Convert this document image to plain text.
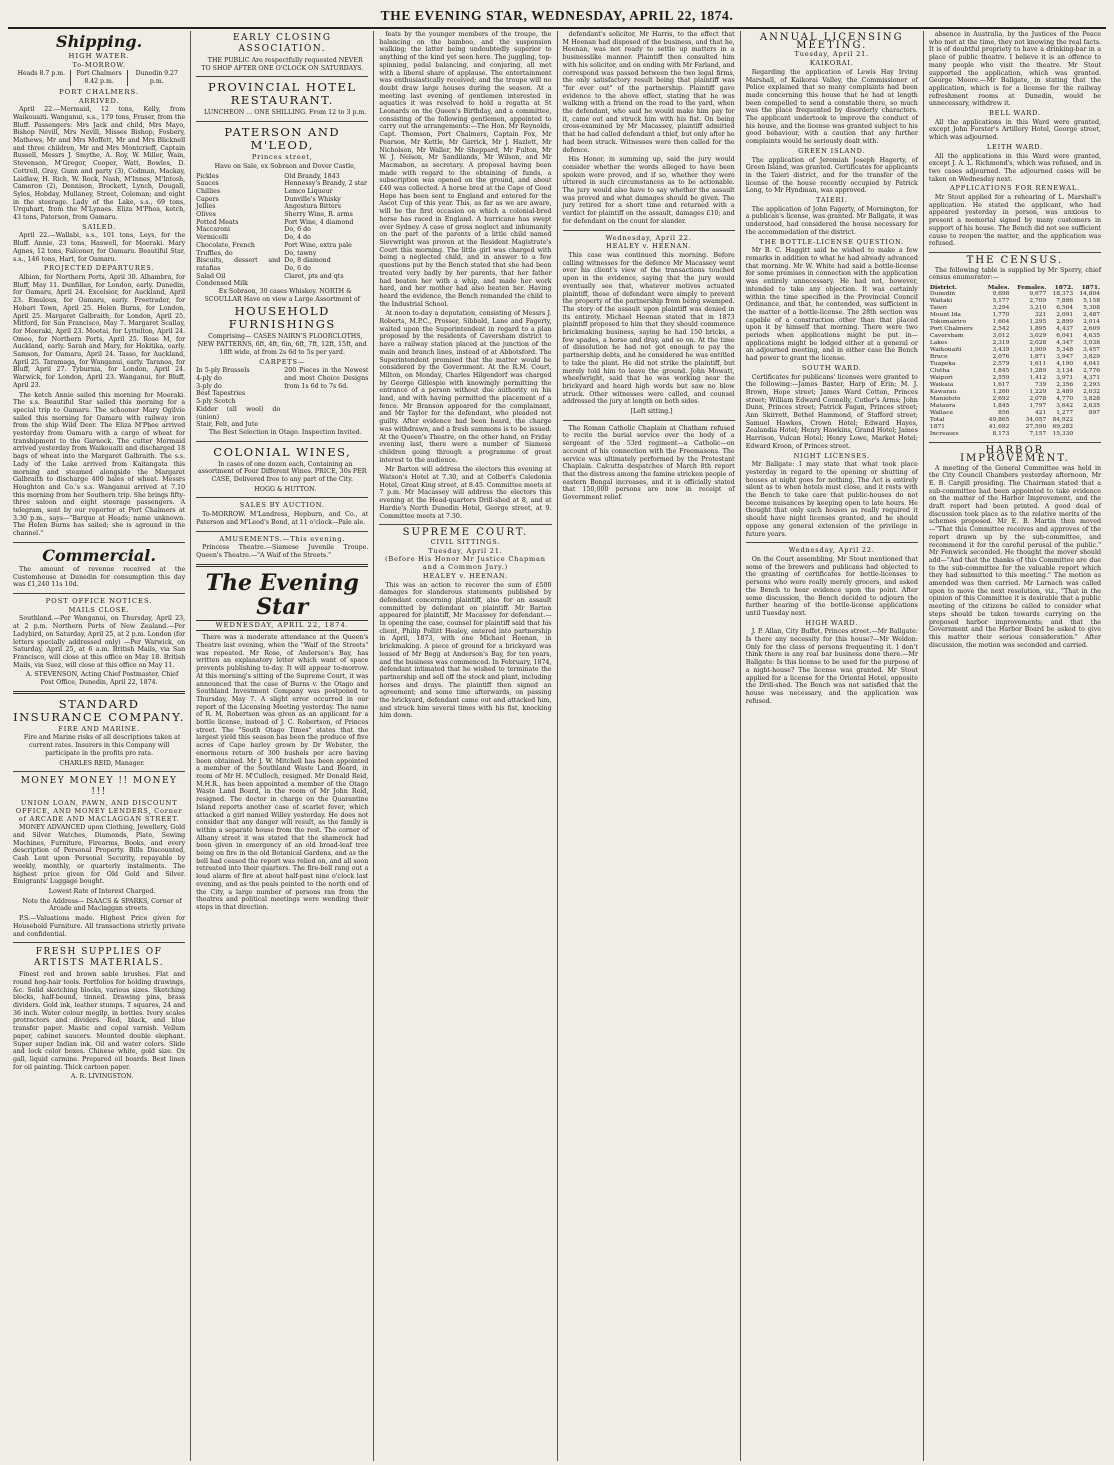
THE EVENING STAR, WEDNESDAY, APRIL 22, 1874.
Shipping.
HIGH WATER.
To-MORROW.
Heads 8.7 p.m.	Port Chalmers 8.42 p.m.
Dunedin 9.27 p.m.
PORT CHALMERS.
ARRIVED.

April 22.—Mermaid, 12 tons, Kelly, from Waikouaiti. Wanganui, s.s., 179 tons, Fraser, from the Bluff. Passengers: Mrs Jack and child, Mrs Mayo, Bishop Nevill, Mrs Nevill, Misses Bishop, Fosbery, Mathews, Mr and Mrs Moffett, Mr and Mrs Blicknell and three children, Mr and Mrs Montcrieff, Captain Russell, Messrs J. Smythe, A. Roy, W. Miller, Wain, Stevenson, M'Gregor, Cooper, Watt, Bowles, D. Cottrell, Gray, Gunn and party (3), Codman, Mackay, Laidlaw, H. Rich, W. Rock, Nash, M'Innes, M'Intosh, Cameron (2), Dennison, Brockett, Lynch, Dougall, Syles, Hobday, Mullaney, Street, Coleman; and eight in the steerage. Lady of the Lake, s.s., 69 tons, Urquhart, from the M'Lynaes. Eliza M'Phea, ketch, 43 tons, Paterson, from Oamaru.

SAILED.

April 22.—Wallabi, s.s., 101 tons, Leys, for the Bluff. Annie, 23 tons, Haswell, for Moeraki. Mary Agnes, 12 tons, Falconer, for Oamaru. Beautiful Star, s.s., 146 tons, Hart, for Oamaru.

PROJECTED DEPARTURES.

Albion, for Northern Ports, April 30. Alhambra, for Bluff, May 11. Dunfillan, for London, early. Dunedin, for Oamaru, April 24. Excelsior, for Auckland, April 23. Emulous, for Oamaru, early. Freetrader, for Hobart Town, April 25. Helen Burns, for London, April 25. Margaret Galbraith, for London, April 25. Mitford, for San Francisco, May 7. Margaret Scallay, for Moeraki, April 23. Moetai, for Lyttelton, April 24. Omeo, for Northern Ports, April 25. Rose M, for Auckland, early. Sarah and Mary, for Hokitika, early. Samson, for Oamaru, April 24. Tasso, for Auckland, April 25. Taramaga, for Wanganui, early. Taranoa, for Bluff, April 27. Tyburnia, for London, April 24. Warwick, for London, April 23. Wanganui, for Bluff, April 23.

The ketch Annie sailed this morning for Moeraki. The s.s. Beautiful Star sailed this morning for a special trip to Oamaru. The schooner Mary Ogilvie sailed this morning for Oamaru with railway iron from the ship Wild Deer. The Eliza M'Phee arrived yesterday from Oamaru with a cargo of wheat for transhipment to the Garnock. The cutter Mermaid arrived yesterday from Waikouaiti and discharged 18 bags of wheat into the Margaret Galbraith. The s.s. Lady of the Lake arrived from Kaitangata this morning and steamed alongside the Margaret Galbraith to discharge 400 bales of wheat. Messrs Houghton and Co.'s s.s. Wanganui arrived at 7.10 this morning from her Southern trip. She brings fifty-three saloon and eight steerage passengers. A telegram, sent by our reporter at Port Chalmers at 3.30 p.m., says—"Barque at Heads; name unknown. The Helen Burns has sailed; she is aground in the channel."

Commercial.

The amount of revenue received at the Customhouse at Dunedin for consumption this day was £1,240 11s 10d.

POST OFFICE NOTICES.
MAILS CLOSE.

Southland.—Per Wanganui, on Thursday, April 23, at 2 p.m. Northern Ports of New Zealand.—Per Ladybird, on Saturday, April 25, at 2 p.m. London (for letters specially addressed only) —Per Warwick, on Saturday, April 25, at 6 a.m. British Mails, via San Francisco, will close at this office on May 18. British Mails, via Suez, will close at this office on May 11.

A. STEVENSON, Acting Chief Postmaster, Chief Post Office, Dunedin, April 22, 1874.

STANDARD INSURANCE COMPANY.
FIRE AND MARINE.

Fire and Marine risks of all descriptions taken at current rates. Insurers in this Company will participate in the profits pro rata.

CHARLES REID, Manager.

MONEY MONEY !! MONEY !!!
UNION LOAN, PAWN, AND DISCOUNT OFFICE, AND MONEY LENDERS, Corner of ARCADE AND MACLAGGAN STREET.

MONEY ADVANCED upon Clothing, Jewellery, Gold and Silver Watches, Diamonds, Plate, Sewing Machines, Furniture, Firearms, Books, and every description of Personal Property. Bills Discounted, Cash Lent upon Personal Security, repayable by weekly, monthly, or quarterly instalments. The highest price given for Old Gold and Silver. Emigrants' Luggage bought.

Lowest Rate of Interest Charged.

Note the Address— ISAACS & SPARKS, Corner of Arcade and Maclaggan streets.

P.S.—Valuations made. Highest Price given for Household Furniture. All transactions strictly private and confidential.

FRESH SUPPLIES OF ARTISTS MATERIALS.

Finest red and brown sable brushes. Flat and round hog-hair tools. Portfolios for holding drawings, &c. Solid sketching blocks, various sizes. Sketching blocks, half-bound, tinned. Drawing pins, brass dividers. Gold ink, leather stumps. T squares, 24 and 36 inch. Water colour megilp, in bottles. Ivory scales protractors and dividers. Red, black, and blue transfer paper. Mastic and copal varnish. Vellum paper, cabinet saucers. Mounted double elephant. Super super Indian ink. Oil and water colors. Slide and lock color boxes. Chinese white, gold size. Ox gall, liquid carmine. Prepared oil boards. Best linen for oil painting. Thick cartoon paper.

A. R. LIVINGSTON.

EARLY CLOSING ASSOCIATION.

THE PUBLIC Are respectfully requested NEVER TO SHOP AFTER ONE O'CLOCK ON SATURDAYS.

PROVINCIAL HOTEL RESTAURANT.

LUNCHEON ... ONE SHILLING. From 12 to 3 p.m.

PATERSON AND M'LEOD,
Princes street,

Have on Sale, ex Sobraon and Dover Castle,

Pickles
Sauces
Chillies
Capers
Jellies
Olives
Potted Meats
Maccaroni
Vermicelli
Chocolate, French
Truffles, do
Biscuits, dessert and ratafias
Salad Oil
Condensed Milk
Old Brandy, 1843
Hennessy's Brandy, 2 star
Lemco Liqueur
Dunville's Whisky
Angostura Bitters
Sherry Wine, R. arms
Port Wine, 4 diamond
Do, 6 do
Do, 4 do
Port Wine, extra pale
Do, tawny
Do, 8 diamond
Do, 6 do
Claret, pts and qts

Ex Sobraon, 30 cases Whiskey. NORTH & SCOULLAR Have on view a Large Assortment of

HOUSEHOLD FURNISHINGS

Comprising— CASES NAIRN'S FLOORCLOTHS, NEW PATTERNS, 6ft, 4ft, 6in, 6ft, 7ft, 12ft, 15ft, and 18ft wide, at from 2s 6d to 5s per yard.

CARPETS—
In 5-ply Brussels
4-ply do
3-ply do
Best Tapestries
5-ply Scotch
Kidder (all wool) do (union)
Stair, Felt, and Jute
200 Pieces in the Newest and most Choice Designs from 1s 6d to 7s 6d.

The Best Selection in Otago. Inspection Invited.

COLONIAL WINES,

In cases of one dozen each, Containing an assortment of Four Different Wines. PRICE, 30s PER CASE, Delivered free to any part of the City.

HOGG & HUTTON.

SALES BY AUCTION.

To-MORROW. M'Landress, Hepburn, and Co., at Paterson and M'Leod's Bond, at 11 o'clock—Pale ale.

AMUSEMENTS.—This evening.

Princess Theatre.—Siamese Juvenile Troupe. Queen's Theatre.—"A Waif of the Streets."

The Evening Star
WEDNESDAY, APRIL 22, 1874.

There was a moderate attendance at the Queen's Theatre last evening, when the "Waif of the Streets" was repeated. Mr Rose, of Anderson's Bay, has written an explanatory letter which want of space prevents publishing to-day. It will appear to-morrow. At this morning's sitting of the Supreme Court, it was announced that the case of Burns v. the Otago and Southland Investment Company was postponed to Thursday, May 7. A slight error occurred in our report of the Licensing Meeting yesterday. The name of R. M. Robertson was given as an applicant for a bottle license, instead of J. C. Robertson, of Princes street. The "South Otago Times" states that the largest yield this season has been the produce of five acres of Cape barley grown by Dr Webster, the enormous return of 300 bushels per acre having been obtained. Mr J. W. Mitchell has been appointed a member of the Southland Waste Land Board, in room of Mr H. M'Culloch, resigned. Mr Donald Reid, M.H.R., has been appointed a member of the Otago Waste Land Board, in the room of Mr John Reid, resigned. The doctor in charge on the Quarantine Island reports another case of scarlet fever, which attacked a girl named Willey yesterday. He does not consider that any danger will result, as the family is within a separate house from the rest. The corner of Albany street it was stated that the shamrock had been given in emergency of an old broad-leaf tree being on fire in the old Botanical Gardens, and as the bell had ceased the report was relied on, and all soon retreated into their quarters. The fire-bell rang out a loud alarm of fire at about half-past nine o'clock last evening, and as the peals pointed to the north end of the City, a large number of persons ran from the theatres and political meetings were wending their steps in that direction.

feats by the younger members of the troupe, the balancing on the bamboo, and the suspension walking; the latter being undoubtedly superior to anything of the kind yet seen here. The juggling, top-spinning, pedal balancing, and conjuring, all met with a liberal share of applause. The entertainment was enthusiastically received; and the troupe will no doubt draw large houses during the season. At a meeting last evening of gentlemen interested in aquatics it was resolved to hold a regatta at St Leonards on the Queen's Birthday, and a committee, consisting of the following gentlemen, appointed to carry out the arrangements:—The Hon. Mr Reynolds, Capt. Thomson, Port Chalmers, Captain Fox, Mr Pearson, Mr Kettle, Mr Garrick, Mr J. Hazlett, Mr Nicholson, Mr Waller, Mr Sheppard, Mr Fulton, Mr W. J. Nelson, Mr Sandilands, Mr Wilson, and Mr Macmahon, as secretary. A proposal having been made with regard to the obtaining of funds, a subscription was opened on the ground, and about £40 was collected. A horse bred at the Cape of Good Hope has been sent to England and entered for the Ascot Cup of this year. This, as far as we are aware, will be the first occasion on which a colonial-bred horse has raced in England. A hurricane has swept over Sydney. A case of gross neglect and inhumanity on the part of the parents of a little child named Sievwright was proven at the Resident Magistrate's Court this morning. The little girl was charged with being a neglected child, and in answer to a few questions put by the Bench stated that she had been treated very badly by her parents, that her father had beaten her with a whip, and made her work hard, and her mother had also beaten her. Having heard the evidence, the Bench remanded the child to the Industrial School.

At noon to-day a deputation, consisting of Messrs J. Roberts, M.P.C., Prosser, Sibbald, Lane and Fagerty, waited upon the Superintendent in regard to a plan proposed by the residents of Caversham district to have a railway station placed at the junction of the main and branch lines, instead of at Abbotsford. The Superintendent promised that the matter would be considered by the Government. At the R.M. Court, Milton, on Monday, Charles Hilgendorf was charged by George Gillespie with knowingly permitting the entrance of a person without due authority on his land, and with having permitted the placement of a fence. Mr Branson appeared for the complainant, and Mr Taylor for the defendant, who pleaded not guilty. After evidence had been heard, the charge was withdrawn, and a fresh summons is to be issued. At the Queen's Theatre, on the other hand, on Friday evening last, there were a number of Siamese children going through a programme of great interest to the audience.

Mr Barton will address the electors this evening at Watson's Hotel at 7.30, and at Colbert's Caledonia Hotel, Great King street, at 8.45. Committee meets at 7 p.m. Mr Macassey will address the electors this evening at the Head-quarters Drill-shed at 8, and at Hardie's North Dunedin Hotel, George street, at 9. Committee meets at 7.30.

SUPREME COURT.
CIVIL SITTINGS.
Tuesday, April 21.
(Before His Honor Mr Justice Chapman and a Common Jury.)
HEALEY v. HEENAN.

This was an action to recover the sum of £500 damages for slanderous statements published by defendant concerning plaintiff, also for an assault committed by defendant on plaintiff. Mr Barton appeared for plaintiff, Mr Macassey for defendant.—In opening the case, counsel for plaintiff said that his client, Philip Pollitt Healey, entered into partnership in April, 1873, with one Michael Heenan, in brickmaking. A piece of ground for a brickyard was leased of Mr Begg at Anderson's Bay, for ten years, and the business was commenced. In February, 1874, defendant intimated that he wished to terminate the partnership and sell off the stock and plant, including horses and drays. The plaintiff then signed an agreement; and some time afterwards, on passing the brickyard, defendant came out and attacked him, and struck him several times with his fist, knocking him down.

defendant's solicitor, Mr Harris, to the effect that M Heenan had disposed of the business, and that he, Heenan, was not ready to settle up matters in a businesslike manner. Plaintiff then consulted him with his solicitor, and on ending with Mr Farland, and correspond was passed between the two legal firms, the only satisfactory result being that plaintiff was "for ever out" of the partnership. Plaintiff gave evidence to the above effect, stating that he was walking with a friend on the road to the yard, when the defendant, who said he would make him pay for it, came out and struck him with his fist. On being cross-examined by Mr Macassey, plaintiff admitted that he had called defendant a thief, but only after he had been struck. Witnesses were then called for the defence.

His Honor, in summing up, said the jury would consider whether the words alleged to have been spoken were proved, and if so, whether they were uttered in such circumstances as to be actionable. The jury would also have to say whether the assault was proved and what damages should be given. The jury retired for a short time and returned with a verdict for plaintiff on the assault, damages £10; and for defendant on the count for slander.

Wednesday, April 22.
HEALEY v. HEENAN.

This case was continued this morning. Before calling witnesses for the defence Mr Macassey went over his client's view of the transactions touched upon in the evidence, saying that the jury would eventually see that, whatever motives actuated plaintiff, these of defendant were simply to prevent the property of the partnership from being swamped. The story of the assault upon plaintiff was denied in its entirety. Michael Heenan stated that in 1873 plaintiff proposed to him that they should commence brickmaking business, saying he had 150 bricks, a few spades, a horse and dray, and so on. At the time of dissolution he had not got enough to pay the partnership debts, and he considered he was entitled to take the plant. He did not strike the plaintiff, but merely told him to leave the ground. John Mowatt, wheelwright, said that he was working near the brickyard and heard high words but saw no blow struck. Other witnesses were called, and counsel addressed the jury at length on both sides.

[Left sitting.]

The Roman Catholic Chaplain at Chatham refused to recite the burial service over the body of a sergeant of the 53rd regiment—a Catholic—on account of his connection with the Freemasons. The service was ultimately performed by the Protestant Chaplain. Calcutta despatches of March 8th report that the distress among the famine stricken people of eastern Bengal increases, and it is officially stated that 150,000 persons are now in receipt of Government relief.

ANNUAL LICENSING MEETING.
Tuesday, April 21.
KAIKORAI.

Regarding the application of Lewis Hay Irving Marshall, of Kaikorai Valley, the Commissioner of Police explained that so many complaints had been made concerning this house that he had at length been compelled to send a constable there, so much was the place frequented by disorderly characters. The applicant undertook to improve the conduct of his house, and the license was granted subject to his good behaviour, with a caution that any further complaints would be seriously dealt with.

GREEN ISLAND.

The application of Jeremiah Joseph Hagerty, of Green Island, was granted. Certificates for applicants in the Taieri district, and for the transfer of the license of the house recently occupied by Patrick Long, to Mr Hyndman, was approved.

TAIERI.

The application of John Fagerty, of Mornington, for a publican's license, was granted. Mr Ballgate, it was understood, had considered the house necessary for the accommodation of the district.

THE BOTTLE-LICENSE QUESTION.

Mr B. C. Haggitt said he wished to make a few remarks in addition to what he had already advanced that morning. Mr W. White had said a bottle-license for some premises in connection with the application was entirely unnecessary. He had not, however, intended to take any objection. It was certainly within the time specified in the Provincial Council Ordinance, and that, he contended, was sufficient in the matter of a bottle-license. The 28th section was capable of a construction other than that placed upon it by himself that morning. There were two periods when applications might be put in—applications might be lodged either at a general or an adjourned meeting, and in either case the Bench had power to grant the license.

SOUTH WARD.

Certificates for publicans' licenses were granted to the following:—James Baxter, Harp of Erin; M. J. Brown, Hope street; James Ward Cotton, Princes street; William Edward Connelly, Cutler's Arms; John Dunn, Princes street; Patrick Fagan, Princes street; Ann Skirrett, Bethel Hammond, of Stafford street; Samuel Hawkes, Crown Hotel; Edward Hayes, Zealandia Hotel; Henry Hawkins, Grand Hotel; James Harrison, Vulcan Hotel; Henry Lowe, Market Hotel; Edward Kroon, of Princes street.

NIGHT LICENSES.

Mr Ballgate: I may state that what took place yesterday in regard to the opening or shutting of houses at night goes for nothing. The Act is entirely silent as to when hotels must close, and it rests with the Bench to take care that public-houses do not become nuisances by keeping open to late hours. He thought that only such houses as really required it should have night licenses granted, and he should oppose any general extension of the privilege in future years.

Wednesday, April 22.

On the Court assembling, Mr Stout mentioned that some of the brewers and publicans had objected to the granting of certificates for bottle-licenses to persons who were really merely grocers, and asked the Bench to hear evidence upon the point. After some discussion, the Bench decided to adjourn the further hearing of the bottle-license applications until Tuesday next.

HIGH WARD.

J. P. Allan, City Buffet, Princes street.—Mr Ballgate: Is there any necessity for this house?—Mr Weldon: Only for the class of persons frequenting it. I don't think there is any real bar business done there.—Mr Ballgate: Is this license to be used for the purpose of a night-house? The license was granted. Mr Stout applied for a license for the Oriental Hotel, opposite the Drill-shed. The Bench was not satisfied that the house was necessary, and the application was refused.

absence in Australia, by the Justices of the Peace who met at the time, they not knowing the real facts. It is of doubtful propriety to have a drinking-bar in a place of public theatre. I believe it is an offence to many people who visit the theatre. Mr Stout supported the application, which was granted. George Moore.—Mr Ballgate, in stating that the application, which is for a license for the railway refreshment rooms at Dunedin, would be unnecessary, withdrew it.

BELL WARD.

All the applications in this Ward were granted, except John Forster's Artillery Hotel, George street, which was adjourned.

LEITH WARD.

All the applications in this Ward were granted, except J. A. L. Richmond's, which was refused, and in two cases adjourned. The adjourned cases will be taken on Wednesday next.

APPLICATIONS FOR RENEWAL.

Mr Stout applied for a rehearing of L. Marshall's application. He stated the applicant, who had appeared yesterday in person, was anxious to present a memorial signed by many customers in support of his house. The Bench did not see sufficient cause to reopen the matter, and the application was refused.

THE CENSUS.

The following table is supplied by Mr Sperry, chief census enumerator:—

District.	Males.	Females.	1872.	1871.
Dunedin	9,698	9,677	18,373	14,804
Waitaki	5,177	2,709	7,886	5,158
Taieri	3,294	3,210	6,504	5,308
Mount Ida	1,770	321	2,091	2,487
Tokomairiro	1,604	1,295	2,899	2,014
Port Chalmers	2,542	1,895	4,437	2,609
Caversham	3,012	3,029	6,041	4,635
Lakes	2,319	2,028	4,347	3,038
Waikouaiti	3,439	1,909	5,348	3,457
Bruce	2,076	1,871	3,947	3,829
Tuapeka	2,579	1,611	4,190	4,041
Clutha	1,845	1,289	3,134	2,776
Waipori	2,559	1,412	3,971	4,371
Waikaia	1,617	739	2,356	2,293
Kawarau	1,260	1,229	2,489	2,032
Maniototo	2,692	2,078	4,770	3,828
Mataura	1,845	1,797	3,642	2,635
Wallace	856	421	1,277	897
Total	49,865	34,057	84,922	
1871	41,692	27,590	69,282	
Increases	8,173	7,157	15,330	
HARBOR IMPROVEMENT.

A meeting of the General Committee was held in the City Council Chambers yesterday afternoon, Mr E. B. Cargill presiding. The Chairman stated that a sub-committee had been appointed to take evidence on the matter of the Harbor Improvement, and the draft report had been printed. A good deal of discussion took place as to the relative merits of the schemes proposed. Mr E. B. Martin then moved—"That this Committee receives and approves of the report drawn up by the sub-committee, and recommend it for the careful perusal of the public." Mr Fenwick seconded. He thought the mover should add—"And that the thanks of this Committee are due to the sub-committee for the valuable report which they had submitted to this meeting." The motion as amended was then carried. Mr Larnach was called upon to move the next resolution, viz., "That in the opinion of this Committee it is desirable that a public meeting of the citizens be called to consider what steps should be taken towards carrying on the proposed harbor improvements; and that the Government and the Harbor Board be asked to give this matter their serious consideration." After discussion, the motion was seconded and carried.
